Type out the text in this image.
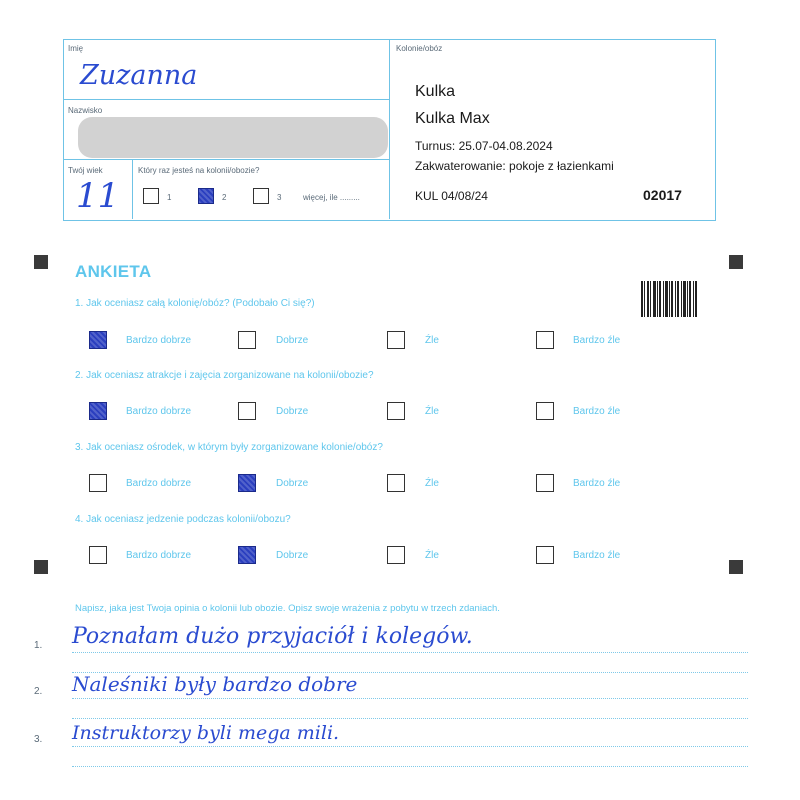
Imię
Zuzanna
Nazwisko
Twój wiek
11
Który raz jesteś na kolonii/obozie?
1	2	3	więcej, ile .........
Kolonie/obóz
Kulka
Kulka Max
Turnus: 25.07-04.08.2024
Zakwaterowanie: pokoje z łazienkami
KUL 04/08/24	02017
ANKIETA
1. Jak oceniasz całą kolonię/obóz? (Podobało Ci się?)
Bardzo dobrze	Dobrze	Źle	Bardzo źle
2. Jak oceniasz atrakcje i zajęcia zorganizowane na kolonii/obozie?
Bardzo dobrze	Dobrze	Źle	Bardzo źle
3. Jak oceniasz ośrodek, w którym były zorganizowane kolonie/obóz?
Bardzo dobrze	Dobrze	Źle	Bardzo źle
4. Jak oceniasz jedzenie podczas kolonii/obozu?
Bardzo dobrze	Dobrze	Źle	Bardzo źle
Napisz, jaka jest Twoja opinia o kolonii lub obozie. Opisz swoje wrażenia z pobytu w trzech zdaniach.
1. Poznałam dużo przyjaciół i kolegów.
2. Naleśniki były bardzo dobre
3. Instruktorzy byli mega mili.
